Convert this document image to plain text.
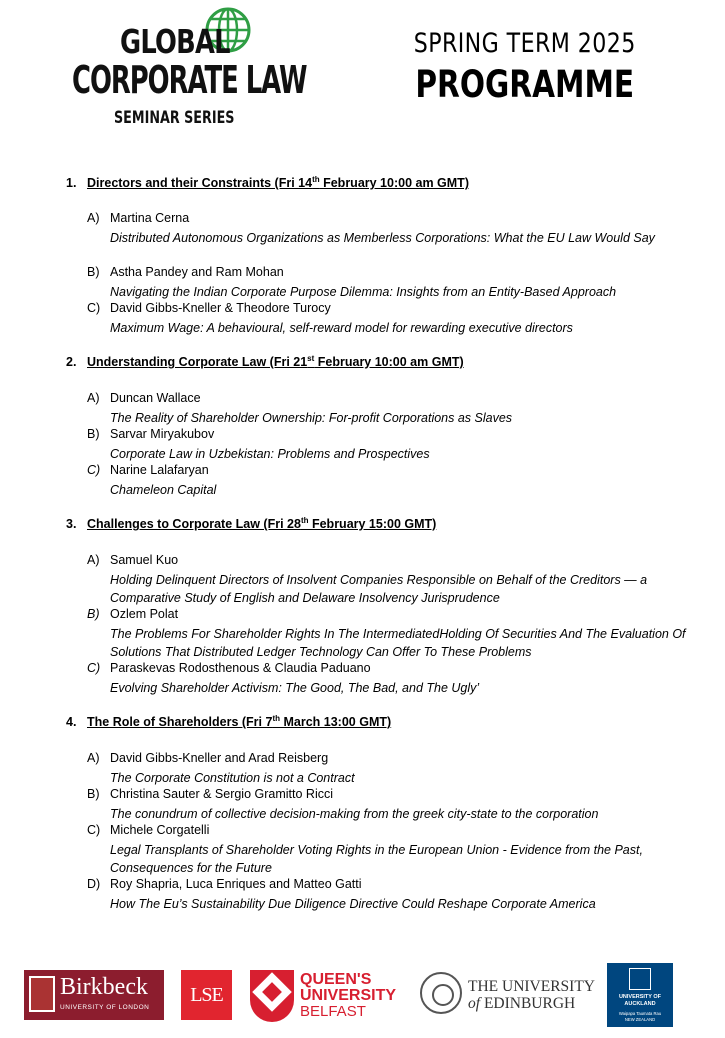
GLOBAL
CORPORATE LAW
SEMINAR SERIES
SPRING TERM 2025
PROGRAMME
1. Directors and their Constraints (Fri 14th February 10:00 am GMT)
A) Martina Cerna
Distributed Autonomous Organizations as Memberless Corporations: What the EU Law Would Say
B) Astha Pandey and Ram Mohan
Navigating the Indian Corporate Purpose Dilemma: Insights from an Entity-Based Approach
C) David Gibbs-Kneller & Theodore Turocy
Maximum Wage: A behavioural, self-reward model for rewarding executive directors
2. Understanding Corporate Law (Fri 21st February 10:00 am GMT)
A) Duncan Wallace
The Reality of Shareholder Ownership: For-profit Corporations as Slaves
B) Sarvar Miryakubov
Corporate Law in Uzbekistan: Problems and Prospectives
C) Narine Lalafaryan
Chameleon Capital
3. Challenges to Corporate Law (Fri 28th February 15:00 GMT)
A) Samuel Kuo
Holding Delinquent Directors of Insolvent Companies Responsible on Behalf of the Creditors — a Comparative Study of English and Delaware Insolvency Jurisprudence
B) Ozlem Polat
The Problems For Shareholder Rights In The IntermediatedHolding Of Securities And The Evaluation Of Solutions That Distributed Ledger Technology Can Offer To These Problems
C) Paraskevas Rodosthenous & Claudia Paduano
Evolving Shareholder Activism: The Good, The Bad, and The Ugly’
4. The Role of Shareholders (Fri 7th March 13:00 GMT)
A) David Gibbs-Kneller and Arad Reisberg
The Corporate Constitution is not a Contract
B) Christina Sauter & Sergio Gramitto Ricci
The conundrum of collective decision-making from the greek city-state to the corporation
C) Michele Corgatelli
Legal Transplants of Shareholder Voting Rights in the European Union - Evidence from the Past, Consequences for the Future
D) Roy Shapria, Luca Enriques and Matteo Gatti
How The Eu’s Sustainability Due Diligence Directive Could Reshape Corporate America
Birkbeck
UNIVERSITY OF LONDON
LSE
QUEEN'S
UNIVERSITY
BELFAST
THE UNIVERSITY
of EDINBURGH	UNIVERSITY OF
AUCKLAND
Waipapa Taumata Rau
NEW ZEALAND
